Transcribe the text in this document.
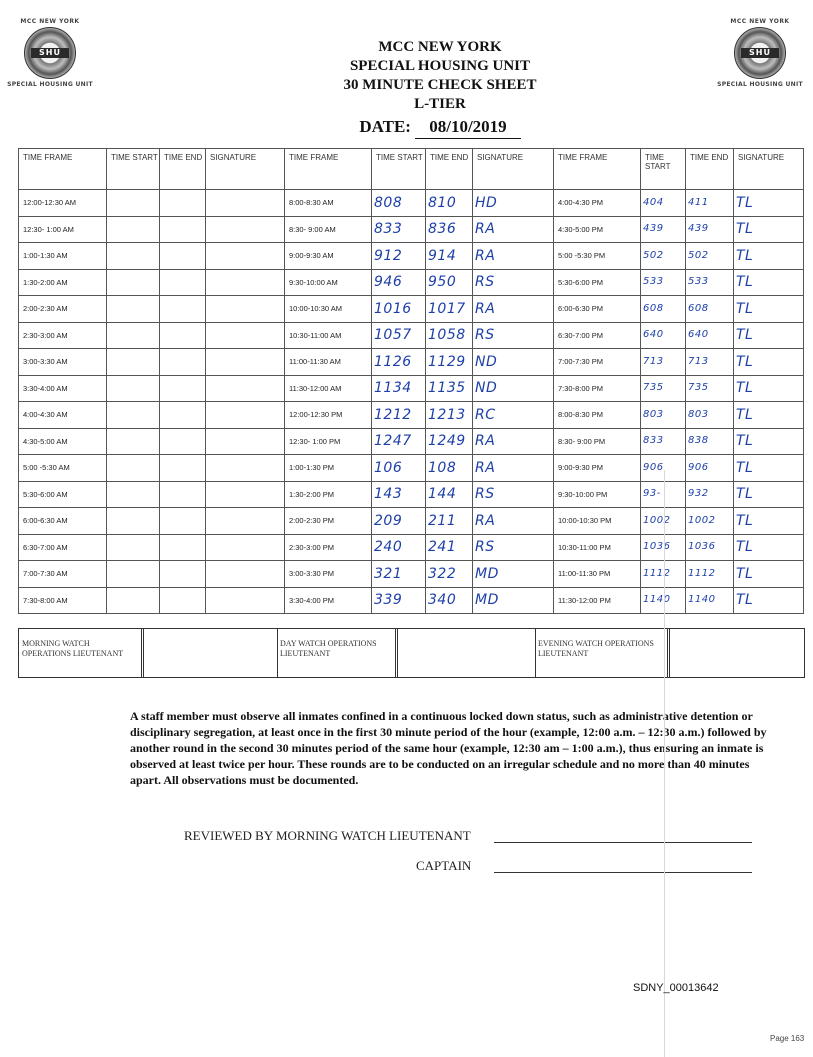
MCC NEW YORK
SHU
SPECIAL HOUSING UNIT
MCC NEW YORK
SHU
SPECIAL HOUSING UNIT
MCC NEW YORK
SPECIAL HOUSING UNIT
30 MINUTE CHECK SHEET
L-TIER
DATE: 08/10/2019
TIME FRAME	TIME START	TIME END	SIGNATURE	TIME FRAME	TIME START	TIME END	SIGNATURE	TIME FRAME	TIME START	TIME END	SIGNATURE
12:00-12:30 AM				8:00-8:30 AM	808	810	HD	4:00-4:30 PM	404	411	TL
12:30- 1:00 AM				8:30- 9:00 AM	833	836	RA	4:30-5:00 PM	439	439	TL
1:00-1:30 AM				9:00-9:30 AM	912	914	RA	5:00 -5:30 PM	502	502	TL
1:30-2:00 AM				9:30-10:00 AM	946	950	RS	5:30-6:00 PM	533	533	TL
2:00-2:30 AM				10:00-10:30 AM	1016	1017	RA	6:00-6:30 PM	608	608	TL
2:30-3:00 AM				10:30-11:00 AM	1057	1058	RS	6:30-7:00 PM	640	640	TL
3:00-3:30 AM				11:00-11:30 AM	1126	1129	ND	7:00-7:30 PM	713	713	TL
3:30-4:00 AM				11:30-12:00 AM	1134	1135	ND	7:30-8:00 PM	735	735	TL
4:00-4:30 AM				12:00-12:30 PM	1212	1213	RC	8:00-8:30 PM	803	803	TL
4:30-5:00 AM				12:30- 1:00 PM	1247	1249	RA	8:30- 9:00 PM	833	838	TL
5:00 -5:30 AM				1:00-1:30 PM	106	108	RA	9:00-9:30 PM	906	906	TL
5:30-6:00 AM				1:30-2:00 PM	143	144	RS	9:30-10:00 PM	93-	932	TL
6:00-6:30 AM				2:00-2:30 PM	209	211	RA	10:00-10:30 PM	1002	1002	TL
6:30-7:00 AM				2:30-3:00 PM	240	241	RS	10:30-11:00 PM	1036	1036	TL
7:00-7:30 AM				3:00-3:30 PM	321	322	MD	11:00-11:30 PM	1112	1112	TL
7:30-8:00 AM				3:30-4:00 PM	339	340	MD	11:30-12:00 PM	1140	1140	TL
MORNING WATCH OPERATIONS LIEUTENANT
DAY WATCH OPERATIONS LIEUTENANT
EVENING WATCH OPERATIONS LIEUTENANT
A staff member must observe all inmates confined in a continuous locked down status, such as administrative detention or disciplinary segregation, at least once in the first 30 minute period of the hour (example, 12:00 a.m. – 12:30 a.m.) followed by another round in the second 30 minutes period of the same hour (example, 12:30 am – 1:00 a.m.), thus ensuring an inmate is observed at least twice per hour. These rounds are to be conducted on an irregular schedule and no more than 40 minutes apart. All observations must be documented.
REVIEWED BY MORNING WATCH LIEUTENANT
CAPTAIN
SDNY_00013642
Page 163
